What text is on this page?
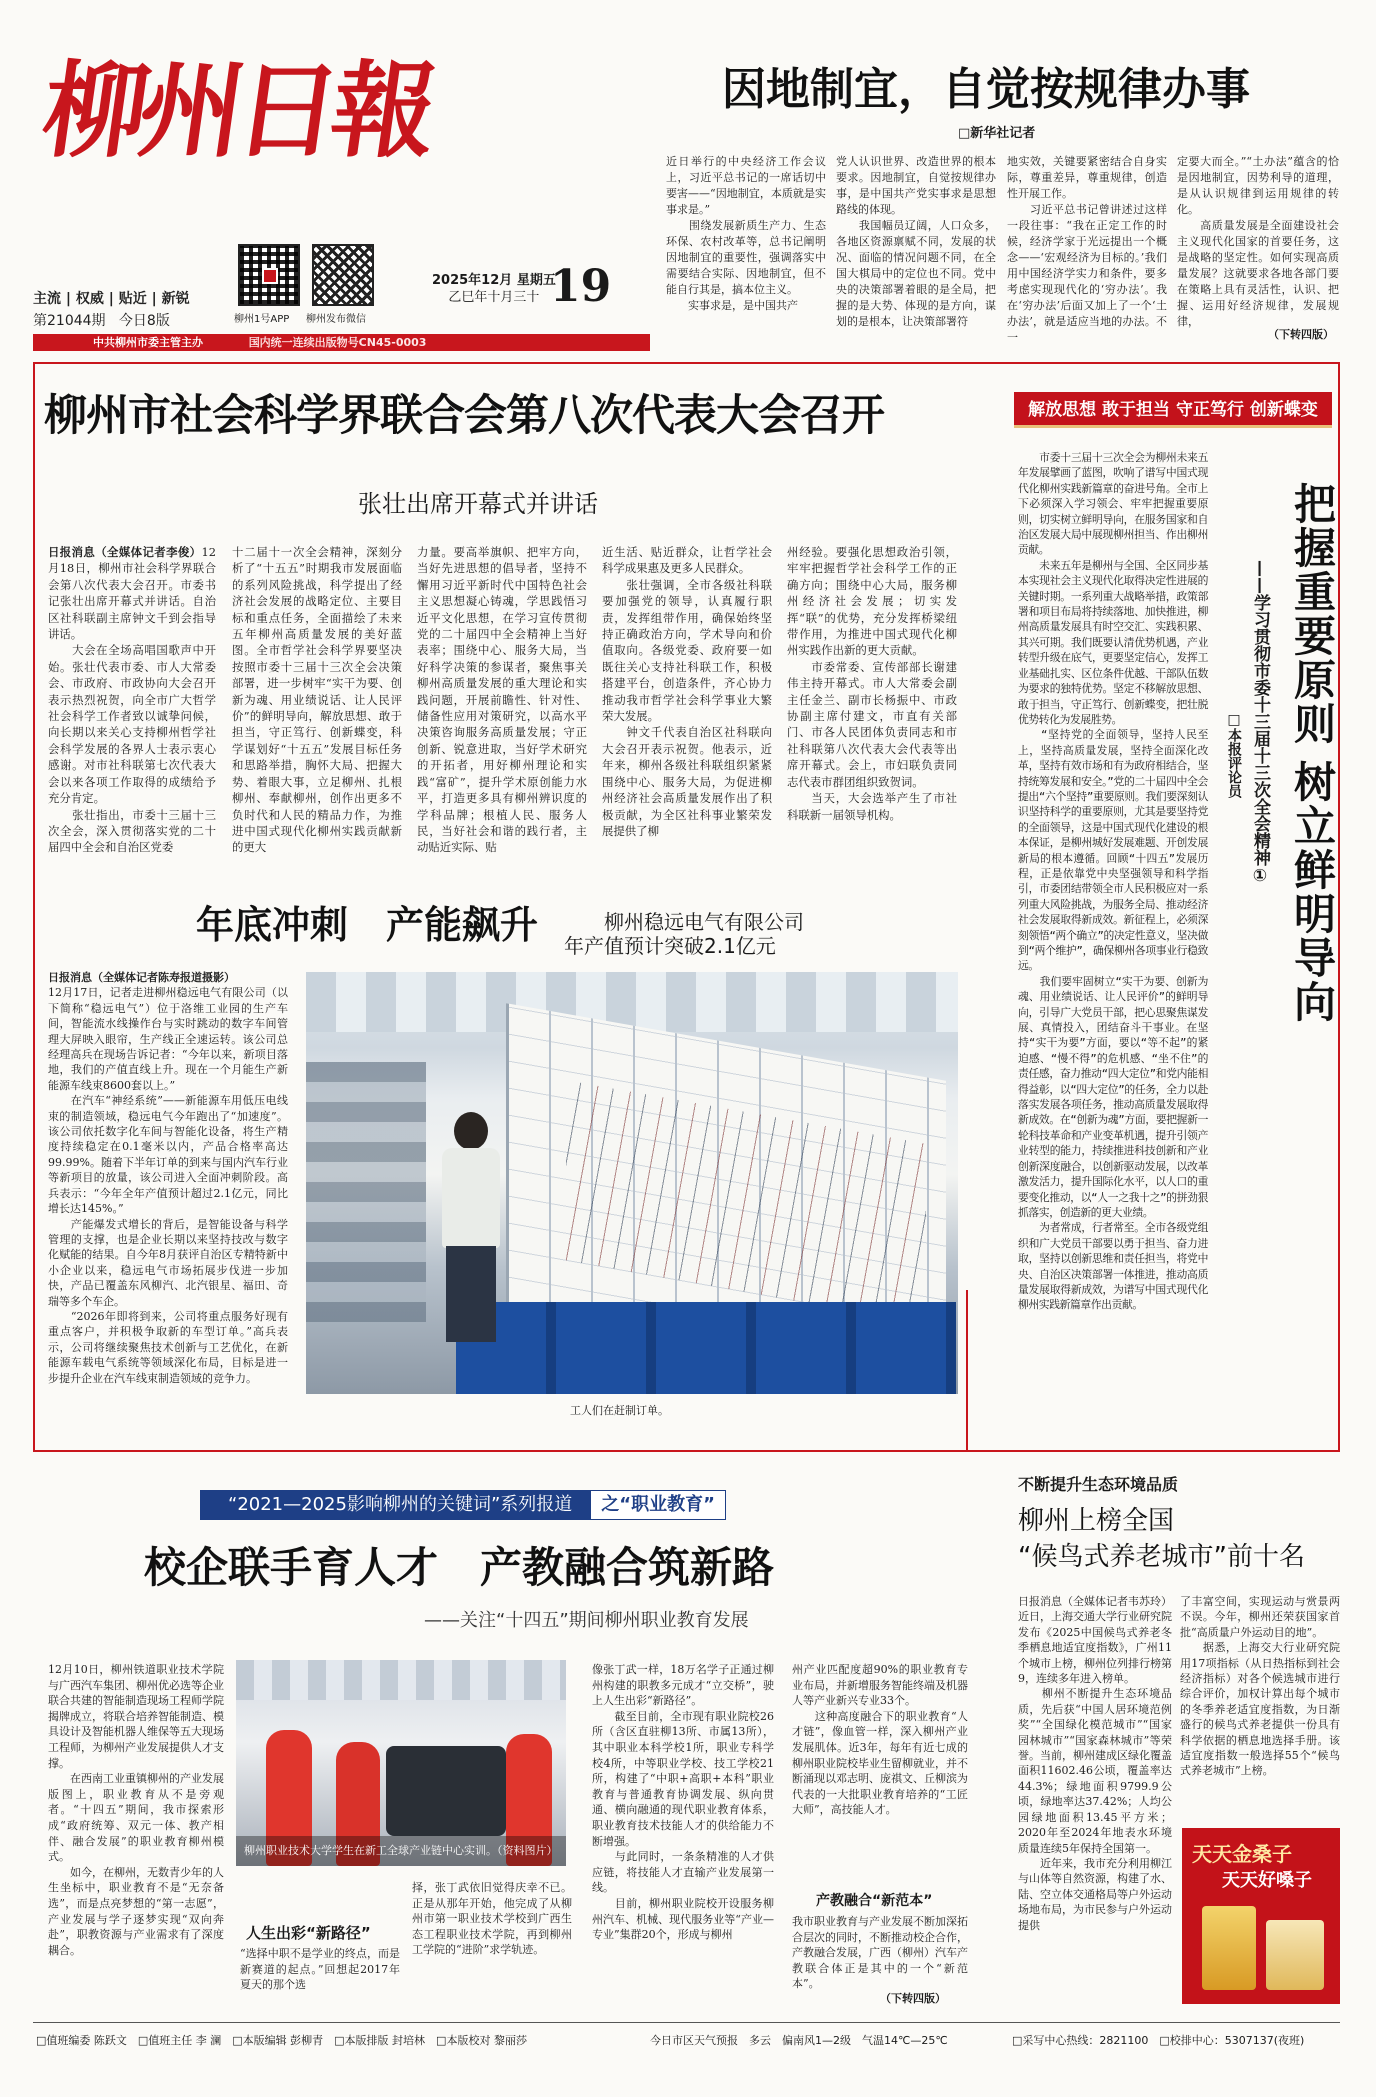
柳州日報
主流 | 权威 | 贴近 | 新锐
第21044期 今日8版	柳州1号APP 柳州发布微信
2025年12月 星期五
乙巳年十月三十 19
中共柳州市委主管主办	国内统一连续出版物号CN45-0003
因地制宜，自觉按规律办事
□新华社记者
近日举行的中央经济工作会议上，习近平总书记的一席话切中要害——“因地制宜，本质就是实事求是。”
　　围绕发展新质生产力、生态环保、农村改革等，总书记阐明因地制宜的重要性，强调落实中需要结合实际、因地制宜，但不能自行其是，搞本位主义。
　　实事求是，是中国共产
党人认识世界、改造世界的根本要求。因地制宜，自觉按规律办事，是中国共产党实事求是思想路线的体现。
　　我国幅员辽阔，人口众多，各地区资源禀赋不同，发展的状况、面临的情况问题不同，在全国大棋局中的定位也不同。党中央的决策部署着眼的是全局，把握的是大势、体现的是方向，谋划的是根本，让决策部署符
地实效，关键要紧密结合自身实际，尊重差异，尊重规律，创造性开展工作。
　　习近平总书记曾讲述过这样一段往事：“我在正定工作的时候，经济学家于光远提出一个概念——‘宏观经济为目标的。’我们用中国经济学实力和条件，要多考虑实现现代化的‘穷办法’。我在‘穷办法’后面又加上了一个‘土办法’，就是适应当地的办法。不一
定要大而全。”“土办法”蕴含的恰是因地制宜，因势利导的道理，是从认识规律到运用规律的转化。
　　高质量发展是全面建设社会主义现代化国家的首要任务，这是战略的坚定性。如何实现高质量发展？这就要求各地各部门要在策略上具有灵活性，认识、把握、运用好经济规律，发展规律，
（下转四版）
柳州市社会科学界联合会第八次代表大会召开
张壮出席开幕式并讲话
日报消息（全媒体记者李俊）12月18日，柳州市社会科学界联合会第八次代表大会召开。市委书记张壮出席开幕式并讲话。自治区社科联副主席钟文千到会指导讲话。
　　大会在全场高唱国歌声中开始。张壮代表市委、市人大常委会、市政府、市政协向大会召开表示热烈祝贺，向全市广大哲学社会科学工作者致以诚挚问候，向长期以来关心支持柳州哲学社会科学发展的各界人士表示衷心感谢。对市社科联第七次代表大会以来各项工作取得的成绩给予充分肯定。
　　张壮指出，市委十三届十三次全会，深入贯彻落实党的二十届四中全会和自治区党委
十二届十一次全会精神，深刻分析了“十五五”时期我市发展面临的系列风险挑战，科学提出了经济社会发展的战略定位、主要目标和重点任务，全面描绘了未来五年柳州高质量发展的美好蓝图。全市哲学社会科学界要坚决按照市委十三届十三次全会决策部署，进一步树牢“实干为要、创新为魂、用业绩说话、让人民评价”的鲜明导向，解放思想、敢于担当，守正笃行、创新蝶变，科学谋划好“十五五”发展目标任务和思路举措，胸怀大局、把握大势、着眼大事，立足柳州、扎根柳州、奉献柳州，创作出更多不负时代和人民的精品力作，为推进中国式现代化柳州实践贡献新的更大
力量。要高举旗帜、把牢方向，当好先进思想的倡导者，坚持不懈用习近平新时代中国特色社会主义思想凝心铸魂，学思践悟习近平文化思想，在学习宣传贯彻党的二十届四中全会精神上当好表率；围绕中心、服务大局，当好科学决策的参谋者，聚焦事关柳州高质量发展的重大理论和实践问题，开展前瞻性、针对性、储备性应用对策研究，以高水平决策咨询服务高质量发展；守正创新、锐意进取，当好学术研究的开拓者，用好柳州理论和实践“富矿”，提升学术原创能力水平，打造更多具有柳州辨识度的学科品牌；根植人民、服务人民，当好社会和谐的践行者，主动贴近实际、贴
近生活、贴近群众，让哲学社会科学成果惠及更多人民群众。
　　张壮强调，全市各级社科联要加强党的领导，认真履行职责，发挥组带作用，确保始终坚持正确政治方向，学术导向和价值取向。各级党委、政府要一如既往关心支持社科联工作，积极搭建平台，创造条件，齐心协力推动我市哲学社会科学事业大繁荣大发展。
　　钟文千代表自治区社科联向大会召开表示祝贺。他表示，近年来，柳州各级社科联组织紧紧围绕中心、服务大局，为促进柳州经济社会高质量发展作出了积极贡献，为全区社科事业繁荣发展提供了柳
州经验。要强化思想政治引领，牢牢把握哲学社会科学工作的正确方向；围绕中心大局，服务柳州经济社会发展；切实发挥“联”的优势，充分发挥桥梁纽带作用，为推进中国式现代化柳州实践作出新的更大贡献。
　　市委常委、宣传部部长谢建伟主持开幕式。市人大常委会副主任金兰、副市长杨振中、市政协副主席付建文，市直有关部门、市各人民团体负责同志和市社科联第八次代表大会代表等出席开幕式。会上，市妇联负责同志代表市群团组织致贺词。
　　当天，大会选举产生了市社科联新一届领导机构。
解放思想 敢于担当 守正笃行 创新蝶变
　　市委十三届十三次全会为柳州未来五年发展擘画了蓝图，吹响了谱写中国式现代化柳州实践新篇章的奋进号角。全市上下必须深入学习领会、牢牢把握重要原则，切实树立鲜明导向，在服务国家和自治区发展大局中展现柳州担当、作出柳州贡献。
　　未来五年是柳州与全国、全区同步基本实现社会主义现代化取得决定性进展的关键时期。一系列重大战略举措，政策部署和项目布局将持续落地、加快推进，柳州高质量发展具有时空交汇、实践积累、其兴可期。我们既要认清优势机遇，产业转型升级在底气，更要坚定信心，发挥工业基础扎实、区位条件优越、干部队伍数为要求的独特优势。坚定不移解放思想、敢于担当，守正笃行、创新蝶变，把壮脱优势转化为发展胜势。
　　“坚持党的全面领导，坚持人民至上，坚持高质量发展，坚持全面深化改革，坚持有效市场和有为政府相结合，坚持统筹发展和安全。”党的二十届四中全会提出“六个坚持”重要原则。我们要深刻认识坚持科学的重要原则，尤其是要坚持党的全面领导，这是中国式现代化建设的根本保证，是柳州城好发展难题、开创发展新局的根本遵循。回顾“十四五”发展历程，正是依靠党中央坚强领导和科学指引，市委团结带领全市人民积极应对一系列重大风险挑战，为服务全局、推动经济社会发展取得新成效。新征程上，必须深刻领悟“两个确立”的决定性意义，坚决做到“两个维护”，确保柳州各项事业行稳致远。
　　我们要牢固树立“实干为要、创新为魂、用业绩说话、让人民评价”的鲜明导向，引导广大党员干部，把心思聚焦谋发展、真情投入，团结奋斗干事业。在坚持“实干为要”方面，要以“等不起”的紧迫感、“慢不得”的危机感、“坐不住”的责任感，奋力推动“四大定位”和党内能相得益彰，以“四大定位”的任务，全力以赴落实发展各项任务，推动高质量发展取得新成效。在“创新为魂”方面，要把握新一轮科技革命和产业变革机遇，提升引领产业转型的能力，持续推进科技创新和产业创新深度融合，以创新驱动发展，以改革激发活力，提升国际化水平，以人口的重要变化推动，以“人一之我十之”的拼劲狠抓落实，创造新的更大业绩。
　　为者常成，行者常至。全市各级党组织和广大党员干部要以勇于担当、奋力进取，坚持以创新思维和责任担当，将党中央、自治区决策部署一体推进，推动高质量发展取得新成效，为谱写中国式现代化柳州实践新篇章作出贡献。
把握重要原则
树立鲜明导向
——学习贯彻市委十三届十三次全会精神①
□本报评论员
年底冲刺　产能飙升	柳州稳远电气有限公司
年产值预计突破2.1亿元
日报消息（全媒体记者陈寿报道摄影）
12月17日，记者走进柳州稳远电气有限公司（以下简称“稳远电气”）位于洛维工业园的生产车间，智能流水线操作台与实时跳动的数字车间管理大屏映入眼帘，生产线正全速运转。该公司总经理高兵在现场告诉记者：“今年以来，新项目落地，我们的产值直线上升。现在一个月能生产新能源车线束8600套以上。”
　　在汽车“神经系统”——新能源车用低压电线束的制造领域，稳远电气今年跑出了“加速度”。该公司依托数字化车间与智能化设备，将生产精度持续稳定在0.1毫米以内，产品合格率高达99.99%。随着下半年订单的到来与国内汽车行业等新项目的放量，该公司进入全面冲刺阶段。高兵表示：“今年全年产值预计超过2.1亿元，同比增长达145%。”
　　产能爆发式增长的背后，是智能设备与科学管理的支撑，也是企业长期以来坚持技改与数字化赋能的结果。自今年8月获评自治区专精特新中小企业以来，稳远电气市场拓展步伐进一步加快，产品已覆盖东风柳汽、北汽银星、福田、奇瑞等多个车企。
　　“2026年即将到来，公司将重点服务好现有重点客户，并积极争取新的车型订单。”高兵表示，公司将继续聚焦技术创新与工艺优化，在新能源车载电气系统等领域深化布局，目标是进一步提升企业在汽车线束制造领域的竞争力。
工人们在赶制订单。
“2021—2025影响柳州的关键词”系列报道 之“职业教育”
校企联手育人才　产教融合筑新路
——关注“十四五”期间柳州职业教育发展
柳州职业技术大学学生在新工全球产业链中心实训。（资料图片）
12月10日，柳州铁道职业技术学院与广西汽车集团、柳州优必选等企业联合共建的智能制造现场工程师学院揭牌成立，将联合培养智能制造、模具设计及智能机器人维保等五大现场工程师，为柳州产业发展提供人才支撑。
　　在西南工业重镇柳州的产业发展版图上，职业教育从不是旁观者。“十四五”期间，我市探索形成“政府统筹、双元一体、教产相伴、融合发展”的职业教育柳州模式。
　　如今，在柳州，无数青少年的人生坐标中，职业教育不是“无奈备选”，而是点亮梦想的“第一志愿”，产业发展与学子逐梦实现“双向奔赴”，职教资源与产业需求有了深度耦合。
人生出彩“新路径”
“选择中职不是学业的终点，而是新赛道的起点。”回想起2017年夏天的那个选
择，张丁武依旧觉得庆幸不已。正是从那年开始，他完成了从柳州市第一职业技术学校到广西生态工程职业技术学院，再到柳州工学院的“进阶”求学轨迹。
像张丁武一样，18万名学子正通过柳州构建的职教多元成才“立交桥”，驶上人生出彩“新路径”。
　　截至目前，全市现有职业院校26所（含区直驻柳13所、市属13所），其中职业本科学校1所，职业专科学校4所，中等职业学校、技工学校21所，构建了“中职+高职+本科”职业教育与普通教育协调发展、纵向贯通、横向融通的现代职业教育体系，职业教育技术技能人才的供给能力不断增强。
　　与此同时，一条条精准的人才供应链，将技能人才直输产业发展第一线。
　　目前，柳州职业院校开设服务柳州汽车、机械、现代服务业等“产业—专业”集群20个，形成与柳州
州产业匹配度超90%的职业教育专业布局，并新增服务智能终端及机器人等产业新兴专业33个。
　　这种高度融合下的职业教育“人才链”，像血管一样，深入柳州产业发展肌体。近3年，每年有近七成的柳州职业院校毕业生留柳就业，并不断涌现以邓志明、庞祺文、丘柳滨为代表的一大批职业教育培养的“工匠大师”，高技能人才。
产教融合“新范本”
我市职业教育与产业发展不断加深拓合层次的同时，不断推动校企合作，产教融合发展，广西（柳州）汽车产教联合体正是其中的一个“新范本”。
（下转四版）
不断提升生态环境品质
柳州上榜全国
“候鸟式养老城市”前十名
日报消息（全媒体记者韦苏玲）近日，上海交通大学行业研究院发布《2025中国候鸟式养老冬季栖息地适宜度指数》，广州11个城市上榜，柳州位列排行榜第9，连续多年进入榜单。
　　柳州不断提升生态环境品质，先后获“中国人居环境范例奖”“全国绿化模范城市”“国家园林城市”“国家森林城市”等荣誉。当前，柳州建成区绿化覆盖面积11602.46公顷，覆盖率达44.3%；绿地面积9799.9公顷，绿地率达37.42%；人均公园绿地面积13.45平方米；2020年至2024年地表水环境质量连续5年保持全国第一。
　　近年来，我市充分利用柳江与山体等自然资源，构建了水、陆、空立体交通格局等户外运动场地布局，为市民参与户外运动提供
了丰富空间，实现运动与赏景两不误。今年，柳州还荣获国家首批“高质量户外运动目的地”。
　　据悉，上海交大行业研究院用17项指标（从日热指标到社会经济指标）对各个候选城市进行综合评价，加权计算出每个城市的冬季养老适宜度指数，为日渐盛行的候鸟式养老提供一份具有科学依据的栖息地选择手册。该适宜度指数一般选择55个“候鸟式养老城市”上榜。
天天金桑子
天天好嗓子
□值班编委 陈跃文　□值班主任 李 澜　□本版编辑 彭柳青　□本版排版 封培林　□本版校对 黎丽莎	今日市区天气预报　多云　偏南风1—2级　气温14℃—25℃	□采写中心热线：2821100　□校排中心：5307137(夜班)
